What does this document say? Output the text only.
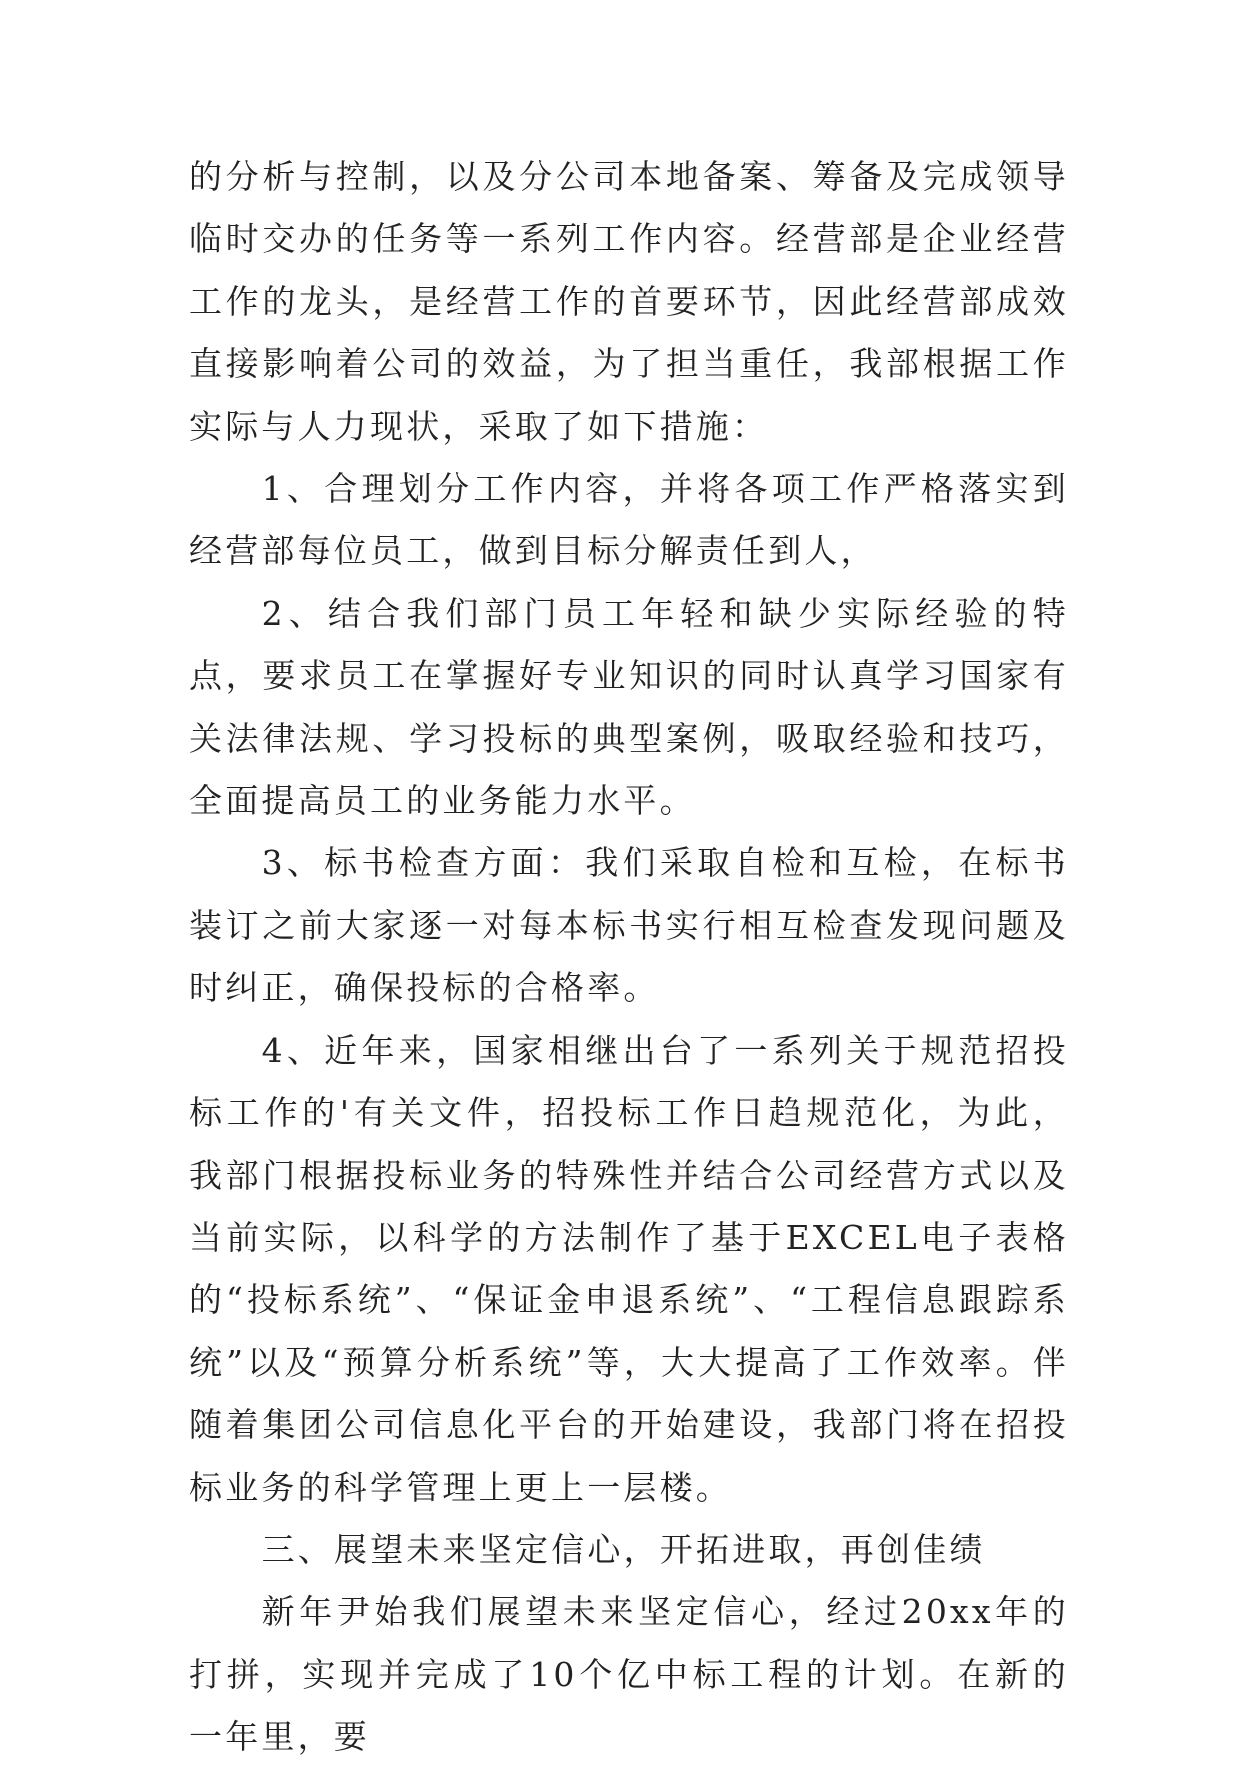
的分析与控制，以及分公司本地备案、筹备及完成领导临时交办的任务等一系列工作内容。经营部是企业经营工作的龙头，是经营工作的首要环节，因此经营部成效直接影响着公司的效益，为了担当重任，我部根据工作实际与人力现状，采取了如下措施：

1、合理划分工作内容，并将各项工作严格落实到经营部每位员工，做到目标分解责任到人，

2、结合我们部门员工年轻和缺少实际经验的特点，要求员工在掌握好专业知识的同时认真学习国家有关法律法规、学习投标的典型案例，吸取经验和技巧，全面提高员工的业务能力水平。

3、标书检查方面：我们采取自检和互检，在标书装订之前大家逐一对每本标书实行相互检查发现问题及时纠正，确保投标的合格率。

4、近年来，国家相继出台了一系列关于规范招投标工作的'有关文件，招投标工作日趋规范化，为此，我部门根据投标业务的特殊性并结合公司经营方式以及当前实际，以科学的方法制作了基于EXCEL电子表格的“投标系统”、“保证金申退系统”、“工程信息跟踪系统”以及“预算分析系统”等，大大提高了工作效率。伴随着集团公司信息化平台的开始建设，我部门将在招投标业务的科学管理上更上一层楼。

三、展望未来坚定信心，开拓进取，再创佳绩

新年尹始我们展望未来坚定信心，经过20xx年的打拼，实现并完成了10个亿中标工程的计划。在新的一年里，要
